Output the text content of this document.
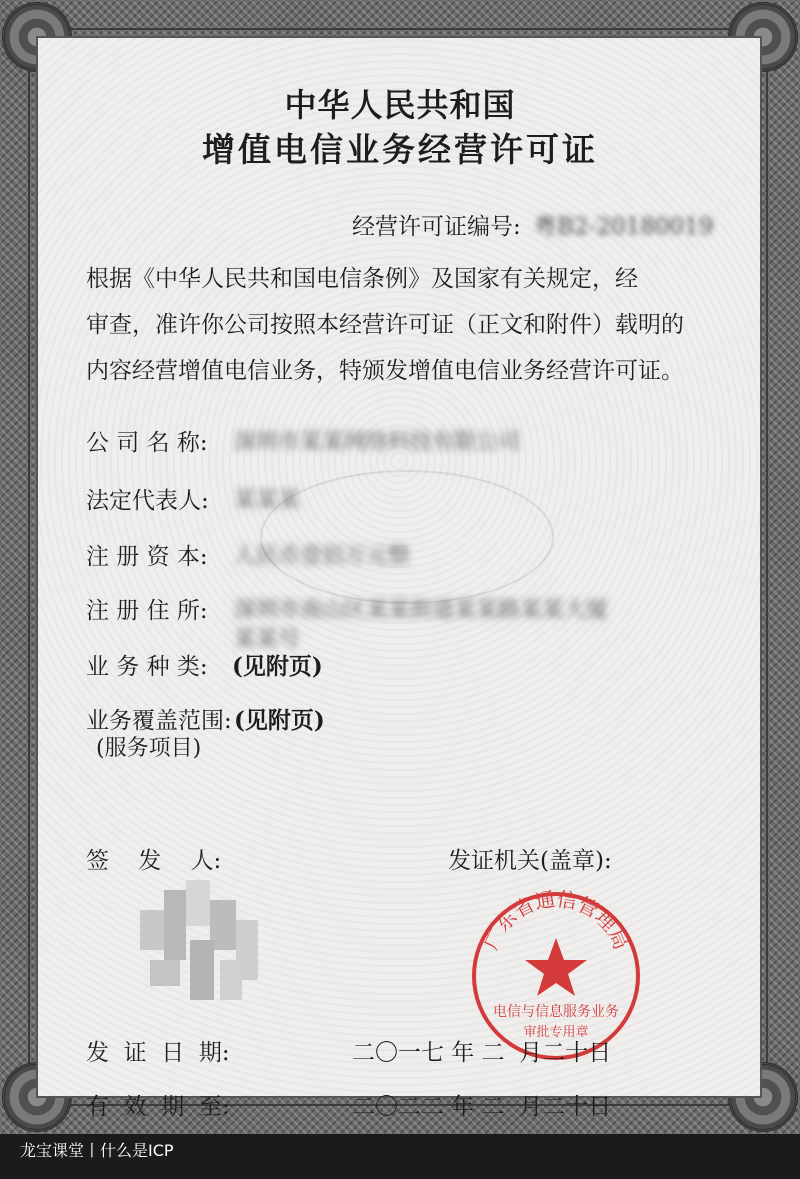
中华人民共和国
增值电信业务经营许可证
经营许可证编号: 粤B2-20180019
根据《中华人民共和国电信条例》及国家有关规定，经
审查，准许你公司按照本经营许可证（正文和附件）载明的
内容经营增值电信业务，特颁发增值电信业务经营许可证。
公 司 名 称: 深圳市某某网络科技有限公司
法定代表人: 某某某
注 册 资 本: 人民币壹佰万元整
注 册 住 所: 深圳市南山区某某街道某某路某某大厦
某某号
业 务 种 类: (见附页)
业务覆盖范围: (见附页)
(服务项目)
签    发    人:	发证机关(盖章):
广东省通信管理局
电信与信息服务业务
审批专用章
发  证  日  期:	二〇一七 年 二  月二十日
有  效  期  至:	二〇二二 年 二  月二十日
龙宝课堂丨什么是ICP
